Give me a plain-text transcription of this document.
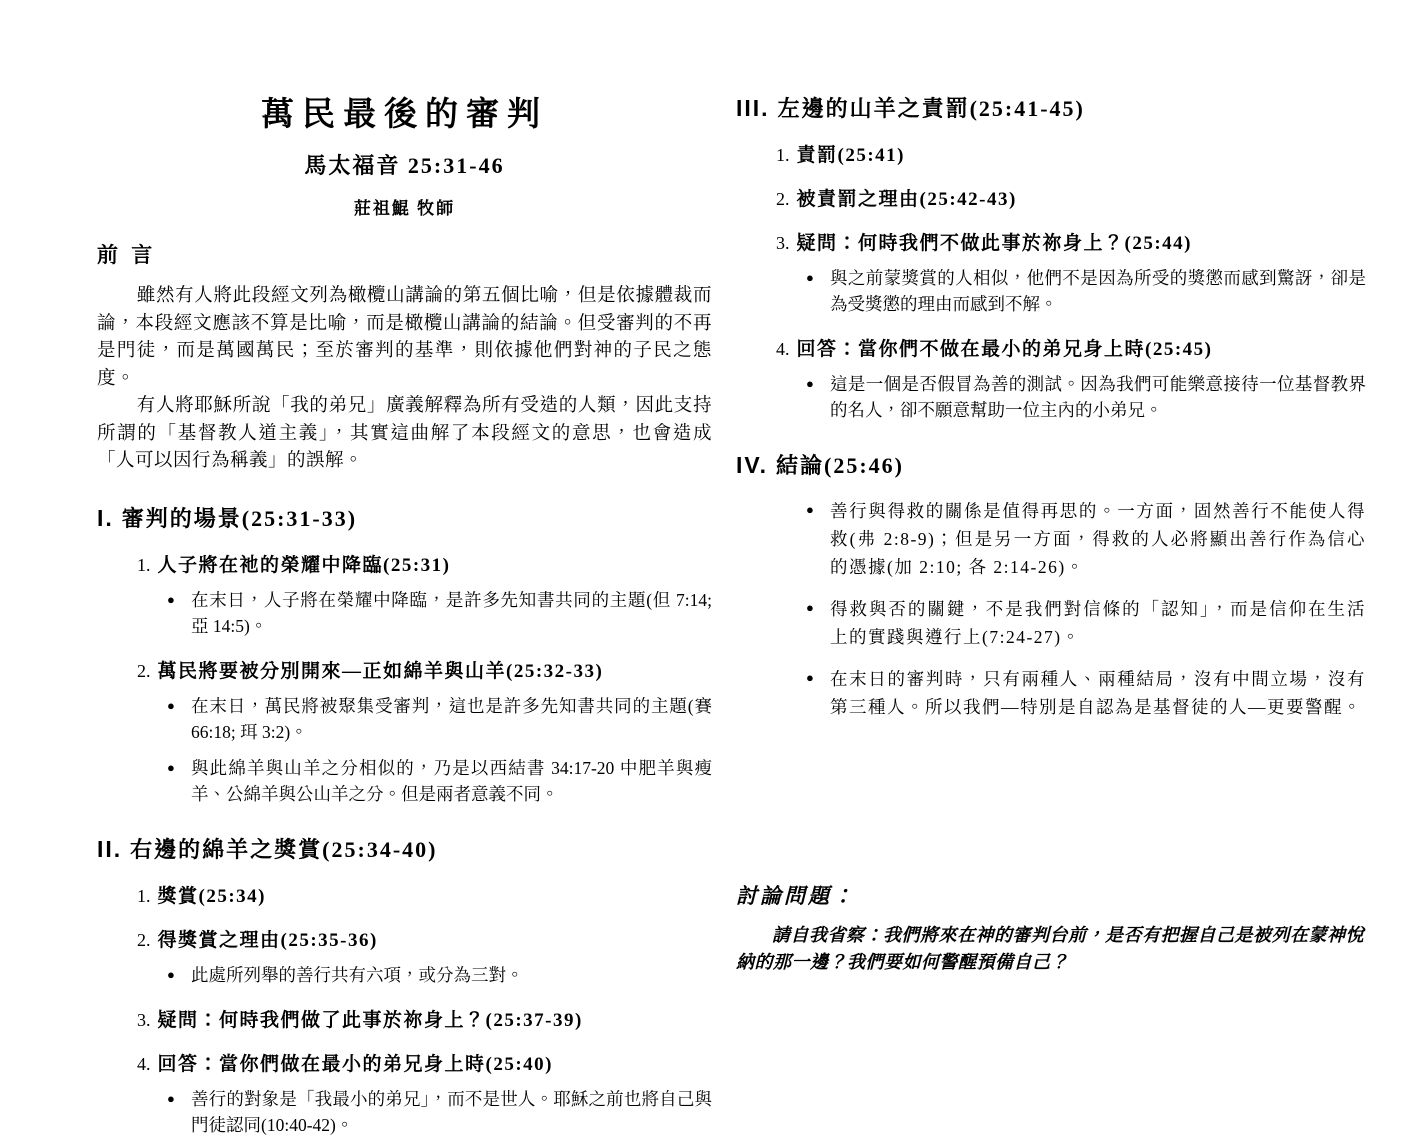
萬民最後的審判
馬太福音 25:31-46
莊祖鯤 牧師
前 言

雖然有人將此段經文列為橄欖山講論的第五個比喻，但是依據體裁而論，本段經文應該不算是比喻，而是橄欖山講論的結論。但受審判的不再是門徒，而是萬國萬民；至於審判的基準，則依據他們對神的子民之態度。

有人將耶穌所說「我的弟兄」廣義解釋為所有受造的人類，因此支持所謂的「基督教人道主義」，其實這曲解了本段經文的意思，也會造成「人可以因行為稱義」的誤解。

I. 審判的場景(25:31-33)
1. 人子將在祂的榮耀中降臨(25:31)
● 在末日，人子將在榮耀中降臨，是許多先知書共同的主題(但 7:14; 亞 14:5)。
2. 萬民將要被分別開來—正如綿羊與山羊(25:32-33)
● 在末日，萬民將被聚集受審判，這也是許多先知書共同的主題(賽 66:18; 珥 3:2)。
● 與此綿羊與山羊之分相似的，乃是以西結書 34:17-20 中肥羊與瘦羊、公綿羊與公山羊之分。但是兩者意義不同。
II. 右邊的綿羊之獎賞(25:34-40)
1. 獎賞(25:34)
2. 得獎賞之理由(25:35-36)
● 此處所列舉的善行共有六項，或分為三對。
3. 疑問：何時我們做了此事於祢身上？(25:37-39)
4. 回答：當你們做在最小的弟兄身上時(25:40)
● 善行的對象是「我最小的弟兄」，而不是世人。耶穌之前也將自己與門徒認同(10:40-42)。
III. 左邊的山羊之責罰(25:41-45)
1. 責罰(25:41)
2. 被責罰之理由(25:42-43)
3. 疑問：何時我們不做此事於祢身上？(25:44)
● 與之前蒙獎賞的人相似，他們不是因為所受的獎懲而感到驚訝，卻是為受獎懲的理由而感到不解。
4. 回答：當你們不做在最小的弟兄身上時(25:45)
● 這是一個是否假冒為善的測試。因為我們可能樂意接待一位基督教界的名人，卻不願意幫助一位主內的小弟兄。
IV. 結論(25:46)
● 善行與得救的關係是值得再思的。一方面，固然善行不能使人得救(弗 2:8-9)；但是另一方面，得救的人必將顯出善行作為信心的憑據(加 2:10; 各 2:14-26)。
● 得救與否的關鍵，不是我們對信條的「認知」，而是信仰在生活上的實踐與遵行上(7:24-27)。
● 在末日的審判時，只有兩種人、兩種結局，沒有中間立場，沒有第三種人。所以我們—特別是自認為是基督徒的人—更要警醒。
討論問題：

請自我省察：我們將來在神的審判台前，是否有把握自己是被列在蒙神悅納的那一邊？我們要如何警醒預備自己？
